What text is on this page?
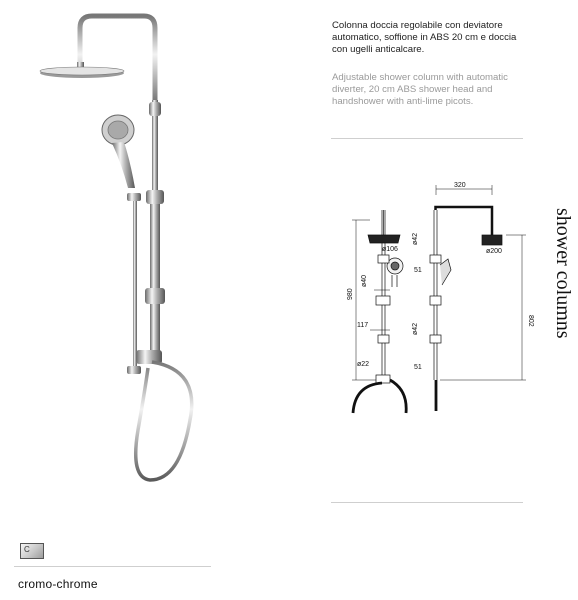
Colonna doccia regolabile con deviatore
automatico, soffione in ABS 20 cm e doccia
con ugelli anticalcare.
Adjustable shower column with automatic
diverter, 20 cm ABS shower head and
handshower with anti-lime picots.
shower columns
320
980
802
ø106	ø200
ø42
ø42
ø40
117
ø22
51
51
C
cromo-chrome
